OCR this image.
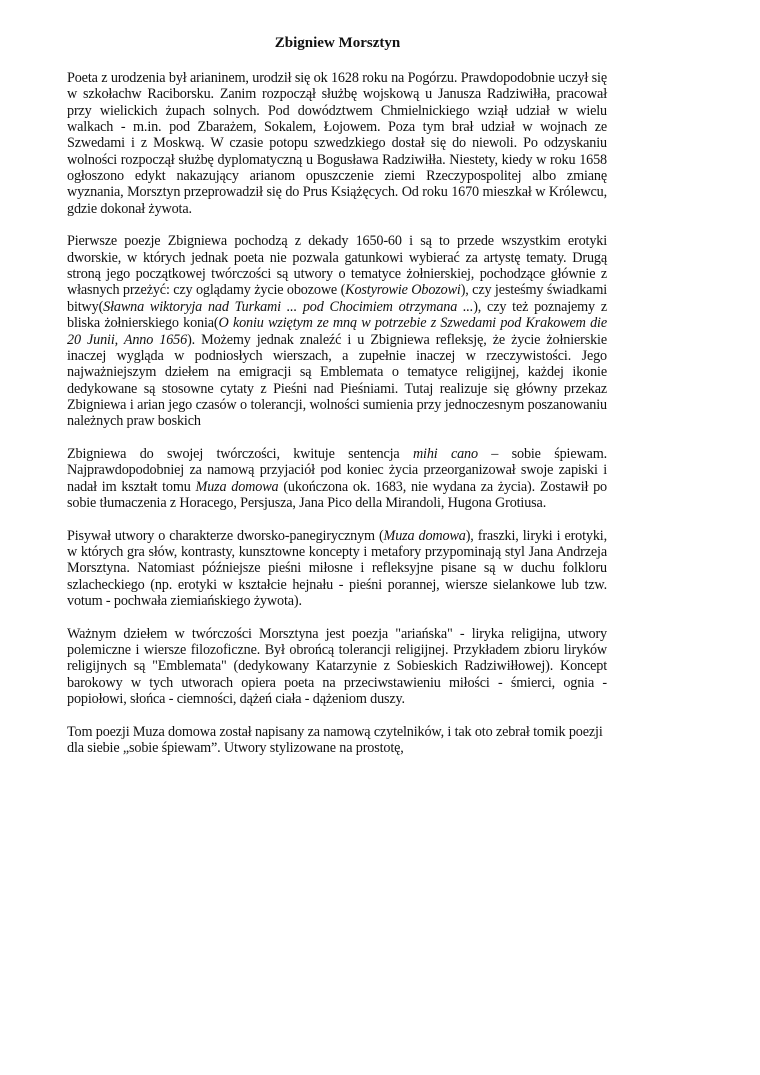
Zbigniew Morsztyn

Poeta z urodzenia był arianinem, urodził się ok 1628 roku na Pogórzu. Prawdopodobnie uczył się w szkołachw Raciborsku. Zanim rozpoczął służbę wojskową u Janusza Radziwiłła, pracował przy wielickich żupach solnych. Pod dowództwem Chmielnickiego wziął udział w wielu walkach - m.in. pod Zbarażem, Sokalem, Łojowem. Poza tym brał udział w wojnach ze Szwedami i z Moskwą. W czasie potopu szwedzkiego dostał się do niewoli. Po odzyskaniu wolności rozpoczął służbę dyplomatyczną u Bogusława Radziwiłła. Niestety, kiedy w roku 1658 ogłoszono edykt nakazujący arianom opuszczenie ziemi Rzeczypospolitej albo zmianę wyznania, Morsztyn przeprowadził się do Prus Książęcych. Od roku 1670 mieszkał w Królewcu, gdzie dokonał żywota.

Pierwsze poezje Zbigniewa pochodzą z dekady 1650-60 i są to przede wszystkim erotyki dworskie, w których jednak poeta nie pozwala gatunkowi wybierać za artystę tematy. Drugą stroną jego początkowej twórczości są utwory o tematyce żołnierskiej, pochodzące głównie z własnych przeżyć: czy oglądamy życie obozowe (Kostyrowie Obozowi), czy jesteśmy świadkami bitwy(Sławna wiktoryja nad Turkami ... pod Chocimiem otrzymana ...), czy też poznajemy z bliska żołnierskiego konia(O koniu wziętym ze mną w potrzebie z Szwedami pod Krakowem die 20 Junii, Anno 1656). Możemy jednak znaleźć i u Zbigniewa refleksję, że życie żołnierskie inaczej wygląda w podniosłych wierszach, a zupełnie inaczej w rzeczywistości. Jego najważniejszym dziełem na emigracji są Emblemata o tematyce religijnej, każdej ikonie dedykowane są stosowne cytaty z Pieśni nad Pieśniami. Tutaj realizuje się główny przekaz Zbigniewa i arian jego czasów o tolerancji, wolności sumienia przy jednoczesnym poszanowaniu należnych praw boskich

Zbigniewa do swojej twórczości, kwituje sentencja mihi cano – sobie śpiewam. Najprawdopodobniej za namową przyjaciół pod koniec życia przeorganizował swoje zapiski i nadał im kształt tomu Muza domowa (ukończona ok. 1683, nie wydana za życia). Zostawił po sobie tłumaczenia z Horacego, Persjusza, Jana Pico della Mirandoli, Hugona Grotiusa.

Pisywał utwory o charakterze dworsko-panegirycznym (Muza domowa), fraszki, liryki i erotyki, w których gra słów, kontrasty, kunsztowne koncepty i metafory przypominają styl Jana Andrzeja Morsztyna. Natomiast późniejsze pieśni miłosne i refleksyjne pisane są w duchu folkloru szlacheckiego (np. erotyki w kształcie hejnału - pieśni porannej, wiersze sielankowe lub tzw. votum - pochwała ziemiańskiego żywota).

Ważnym dziełem w twórczości Morsztyna jest poezja "ariańska" - liryka religijna, utwory polemiczne i wiersze filozoficzne. Był obrońcą tolerancji religijnej. Przykładem zbioru liryków religijnych są "Emblemata" (dedykowany Katarzynie z Sobieskich Radziwiłłowej). Koncept barokowy w tych utworach opiera poeta na przeciwstawieniu miłości - śmierci, ognia - popiołowi, słońca - ciemności, dążeń ciała - dążeniom duszy.

Tom poezji Muza domowa został napisany za namową czytelników, i tak oto zebrał tomik poezji dla siebie „sobie śpiewam”. Utwory stylizowane na prostotę,
